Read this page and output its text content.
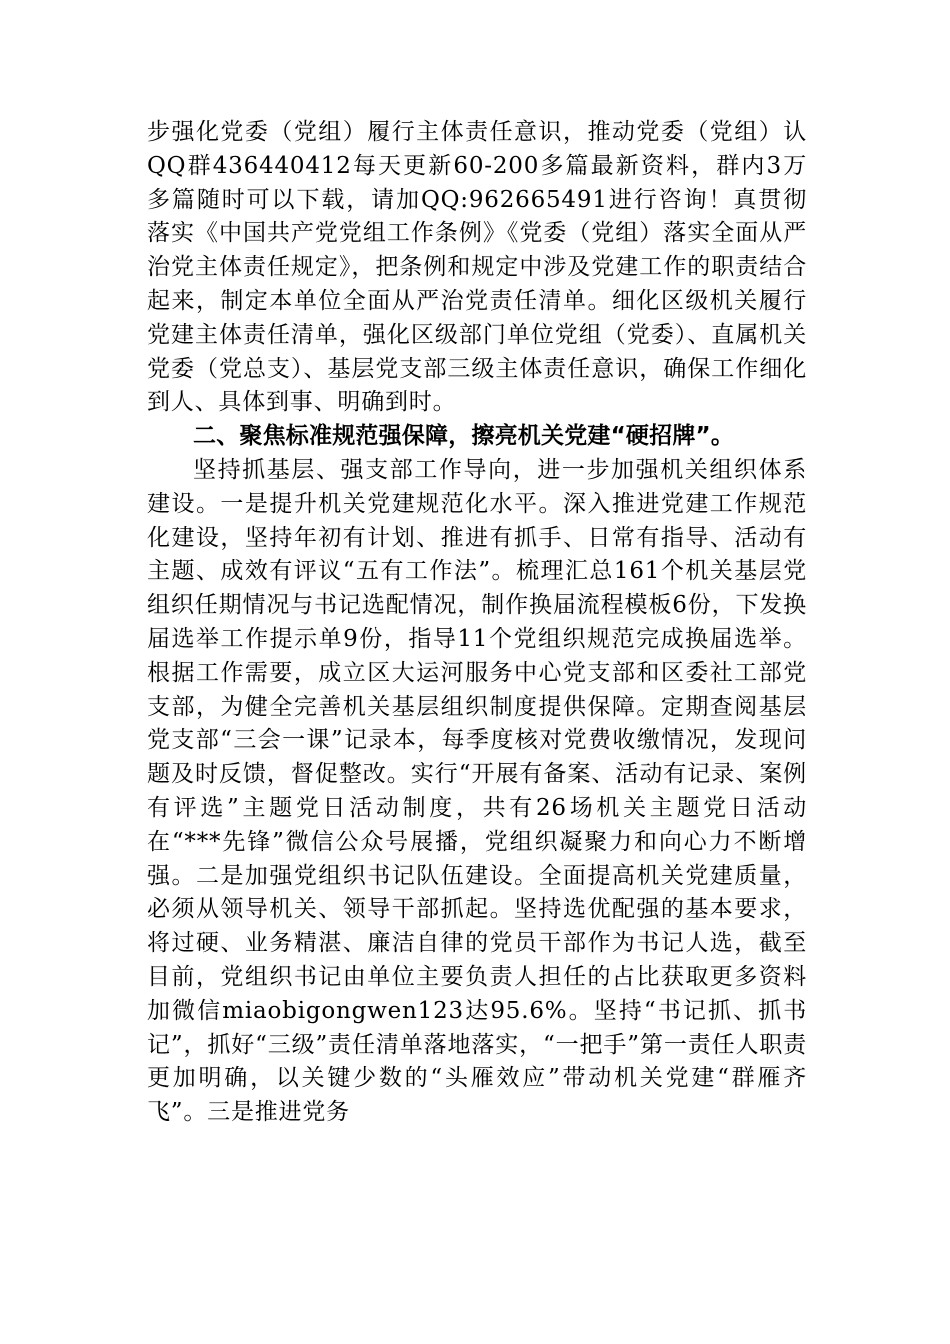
步强化党委（党组）履行主体责任意识，推动党委（党组）认QQ群436440412每天更新60-200多篇最新资料，群内3万多篇随时可以下载，请加QQ:962665491进行咨询！真贯彻落实《中国共产党党组工作条例》《党委（党组）落实全面从严治党主体责任规定》，把条例和规定中涉及党建工作的职责结合起来，制定本单位全面从严治党责任清单。细化区级机关履行党建主体责任清单，强化区级部门单位党组（党委）、直属机关党委（党总支）、基层党支部三级主体责任意识，确保工作细化到人、具体到事、明确到时。

二、聚焦标准规范强保障，擦亮机关党建“硬招牌”。

坚持抓基层、强支部工作导向，进一步加强机关组织体系建设。一是提升机关党建规范化水平。深入推进党建工作规范化建设，坚持年初有计划、推进有抓手、日常有指导、活动有主题、成效有评议“五有工作法”。梳理汇总161个机关基层党组织任期情况与书记选配情况，制作换届流程模板6份，下发换届选举工作提示单9份，指导11个党组织规范完成换届选举。根据工作需要，成立区大运河服务中心党支部和区委社工部党支部，为健全完善机关基层组织制度提供保障。定期查阅基层党支部“三会一课”记录本，每季度核对党费收缴情况，发现问题及时反馈，督促整改。实行“开展有备案、活动有记录、案例有评选”主题党日活动制度，共有26场机关主题党日活动在“***先锋”微信公众号展播，党组织凝聚力和向心力不断增强。二是加强党组织书记队伍建设。全面提高机关党建质量，必须从领导机关、领导干部抓起。坚持选优配强的基本要求，将过硬、业务精湛、廉洁自律的党员干部作为书记人选，截至目前，党组织书记由单位主要负责人担任的占比获取更多资料加微信miaobigongwen123达95.6%。坚持“书记抓、抓书记”，抓好“三级”责任清单落地落实，“一把手”第一责任人职责更加明确，以关键少数的“头雁效应”带动机关党建“群雁齐飞”。三是推进党务
